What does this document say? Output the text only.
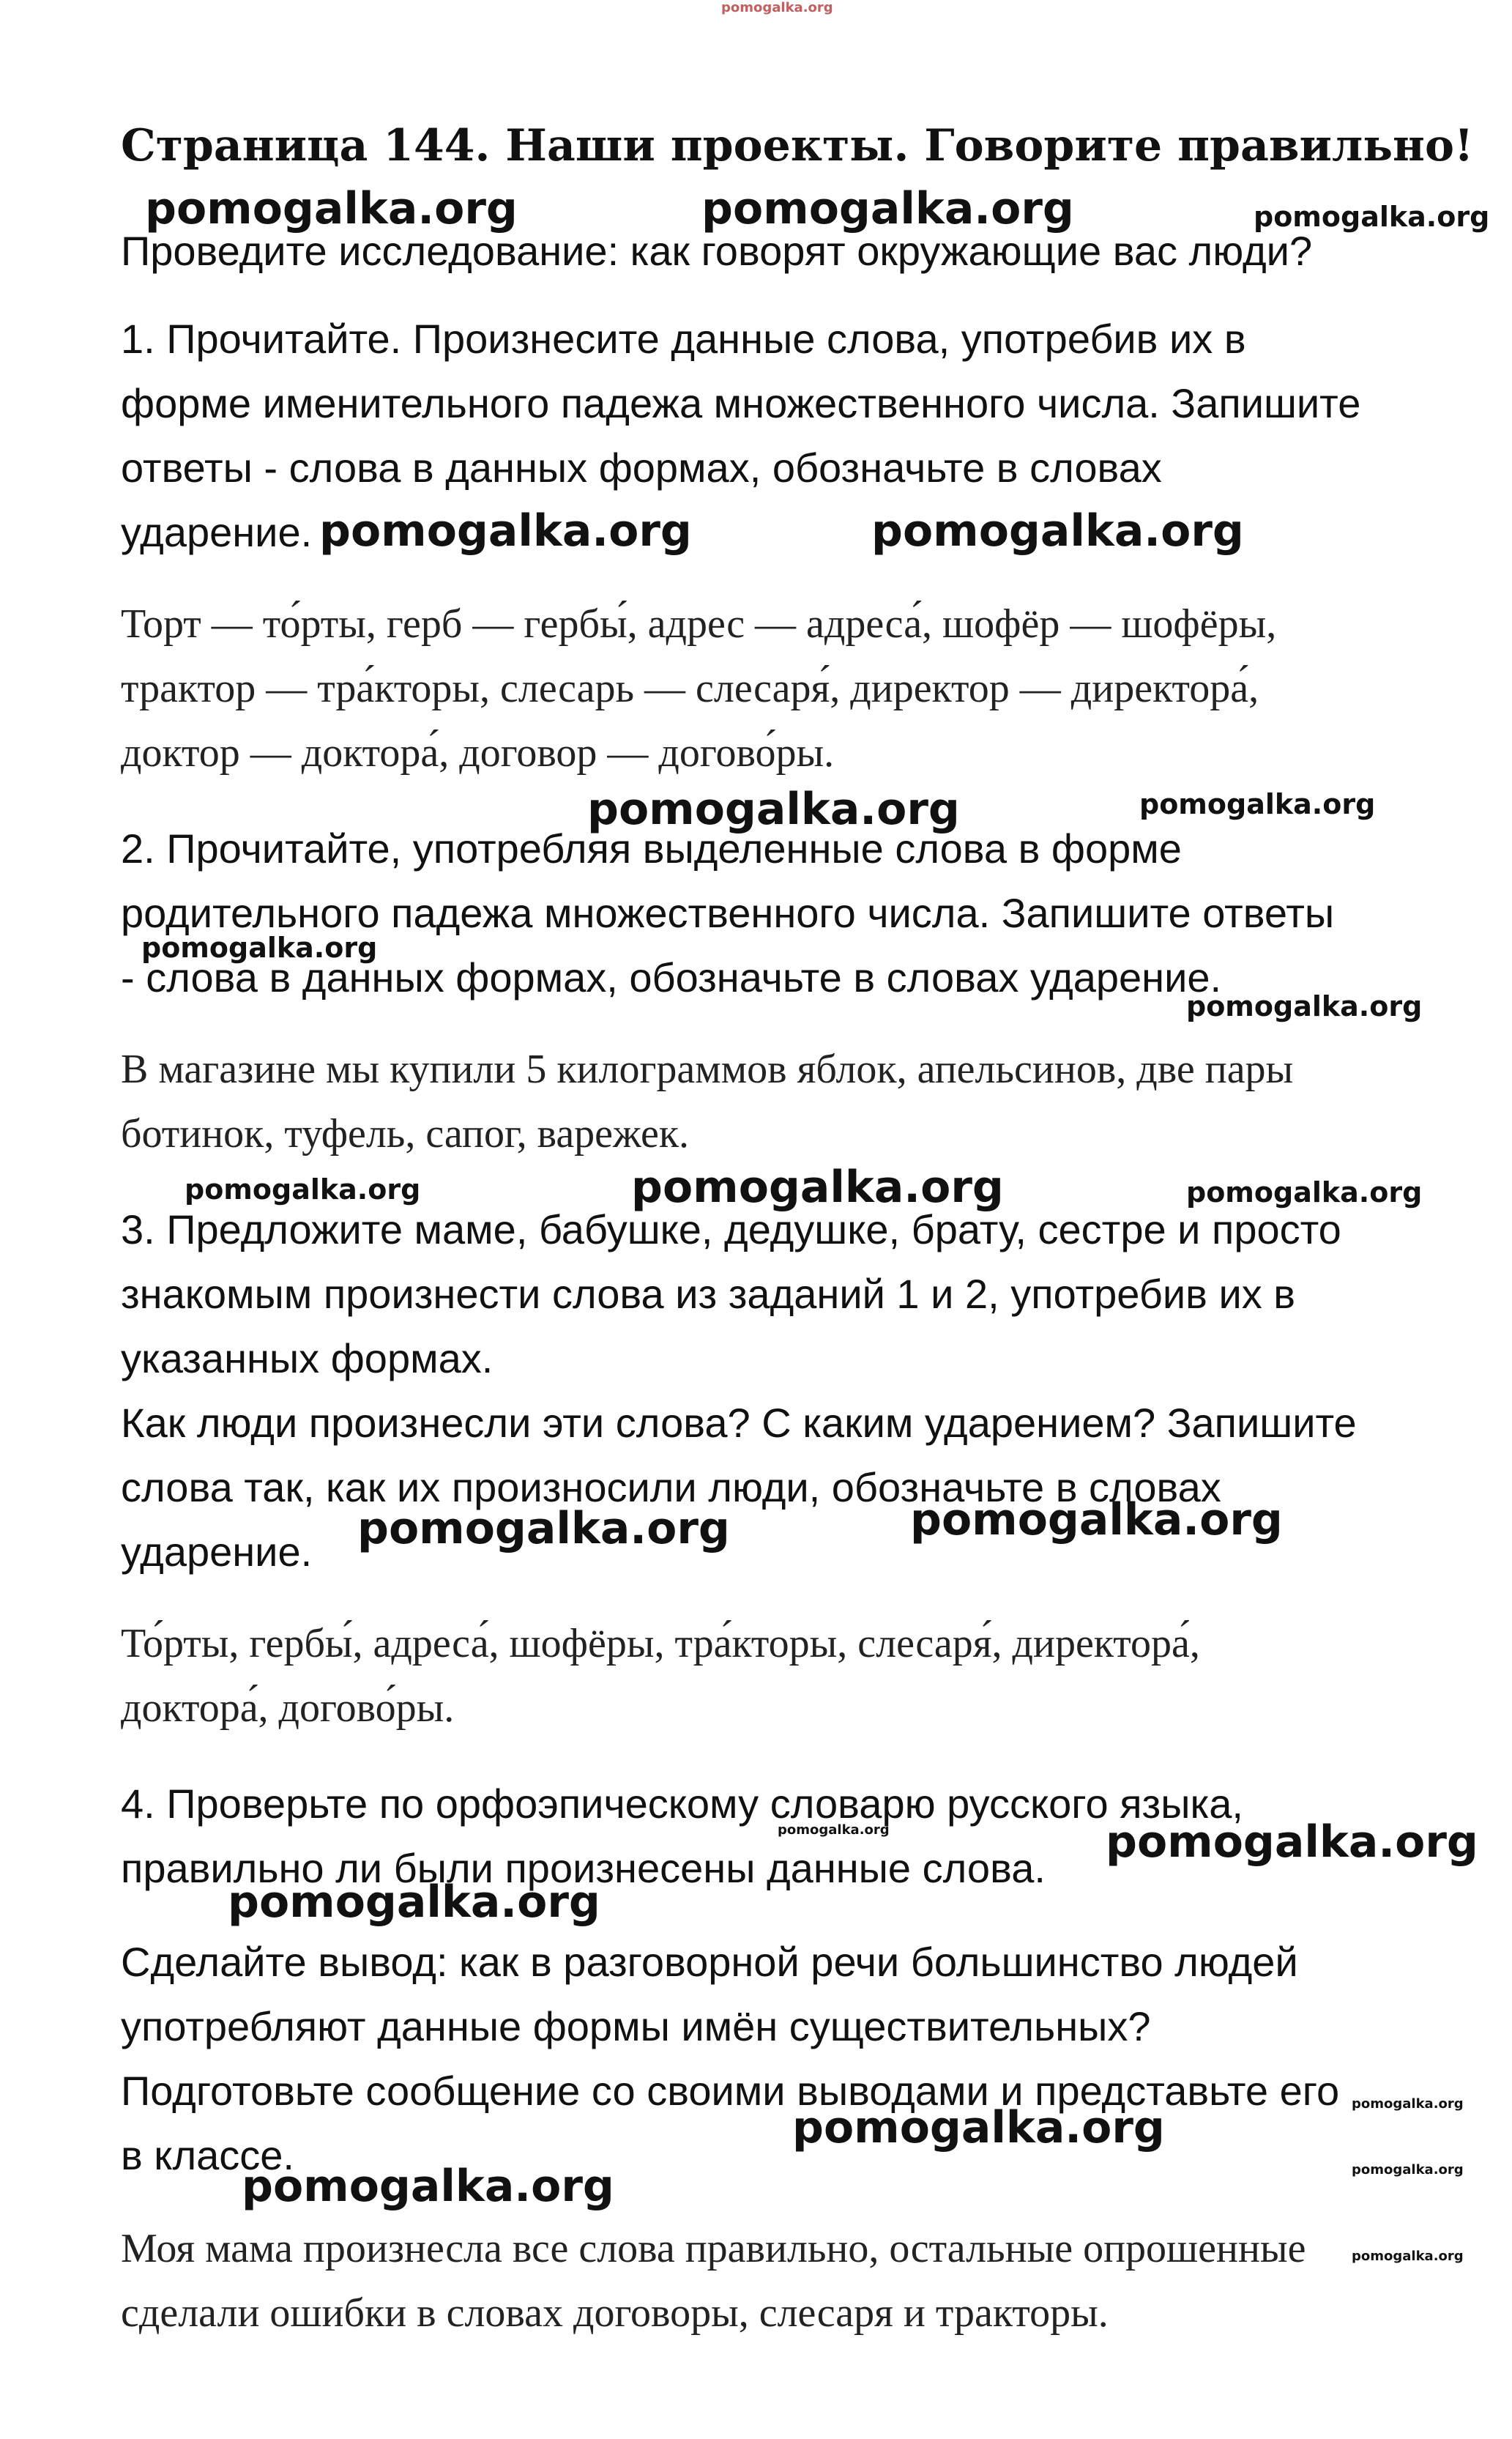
pomogalka.org
Страница 144. Наши проекты. Говорите правильно!
Проведите исследование: как говорят окружающие вас люди?
1. Прочитайте. Произнесите данные слова, употребив их в
форме именительного падежа множественного числа. Запишите
ответы - слова в данных формах, обозначьте в словах
ударение.
Торт — то́рты, герб — гербы́, адрес — адреса́, шофёр — шофёры,
трактор — тра́кторы, слесарь — слесаря́, директор — директора́,
доктор — доктора́, договор — догово́ры.
2. Прочитайте, употребляя выделенные слова в форме
родительного падежа множественного числа. Запишите ответы
- слова в данных формах, обозначьте в словах ударение.
В магазине мы купили 5 килограммов яблок, апельсинов, две пары
ботинок, туфель, сапог, варежек.
3. Предложите маме, бабушке, дедушке, брату, сестре и просто
знакомым произнести слова из заданий 1 и 2, употребив их в
указанных формах.
Как люди произнесли эти слова? С каким ударением? Запишите
слова так, как их произносили люди, обозначьте в словах
ударение.
То́рты, гербы́, адреса́, шофёры, тра́кторы, слесаря́, директора́,
доктора́, догово́ры.
4. Проверьте по орфоэпическому словарю русского языка,
правильно ли были произнесены данные слова.
Сделайте вывод: как в разговорной речи большинство людей
употребляют данные формы имён существительных?
Подготовьте сообщение со своими выводами и представьте его
в классе.
Моя мама произнесла все слова правильно, остальные опрошенные
сделали ошибки в словах договоры, слесаря и тракторы.
pomogalka.org	pomogalka.org	pomogalka.org
pomogalka.org	pomogalka.org
pomogalka.org	pomogalka.org
pomogalka.org
pomogalka.org
pomogalka.org	pomogalka.org	pomogalka.org
pomogalka.org	pomogalka.org
pomogalka.org	pomogalka.org
pomogalka.org
pomogalka.org
pomogalka.org
pomogalka.org	pomogalka.org
pomogalka.org
